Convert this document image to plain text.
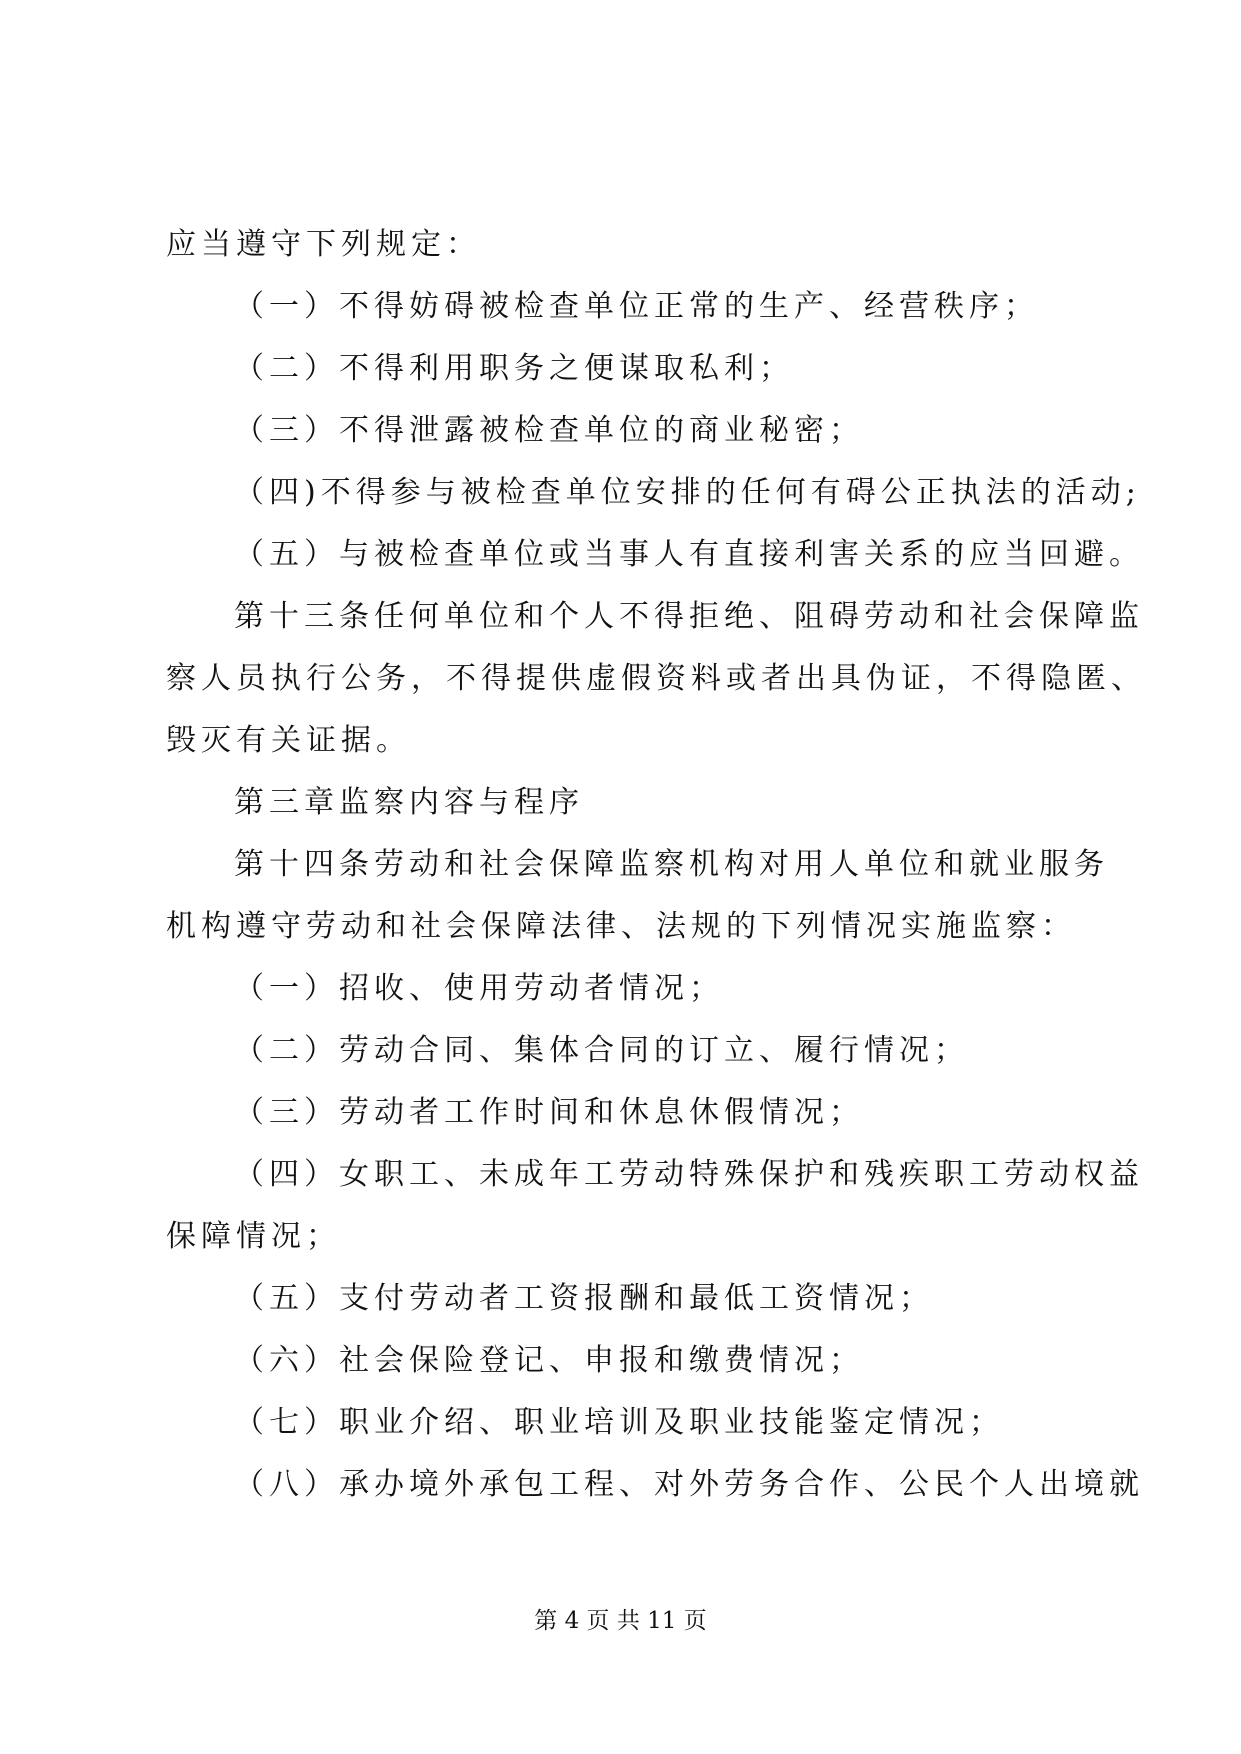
应当遵守下列规定：
（一）不得妨碍被检查单位正常的生产、经营秩序；
（二）不得利用职务之便谋取私利；
（三）不得泄露被检查单位的商业秘密；
（四)不得参与被检查单位安排的任何有碍公正执法的活动;
（五）与被检查单位或当事人有直接利害关系的应当回避。
第十三条任何单位和个人不得拒绝、阻碍劳动和社会保障监
察人员执行公务，不得提供虚假资料或者出具伪证，不得隐匿、
毁灭有关证据。
第三章监察内容与程序
第十四条劳动和社会保障监察机构对用人单位和就业服务
机构遵守劳动和社会保障法律、法规的下列情况实施监察：
（一）招收、使用劳动者情况；
（二）劳动合同、集体合同的订立、履行情况；
（三）劳动者工作时间和休息休假情况；
（四）女职工、未成年工劳动特殊保护和残疾职工劳动权益
保障情况；
（五）支付劳动者工资报酬和最低工资情况；
（六）社会保险登记、申报和缴费情况；
（七）职业介绍、职业培训及职业技能鉴定情况；
（八）承办境外承包工程、对外劳务合作、公民个人出境就
第 4 页 共 11 页
